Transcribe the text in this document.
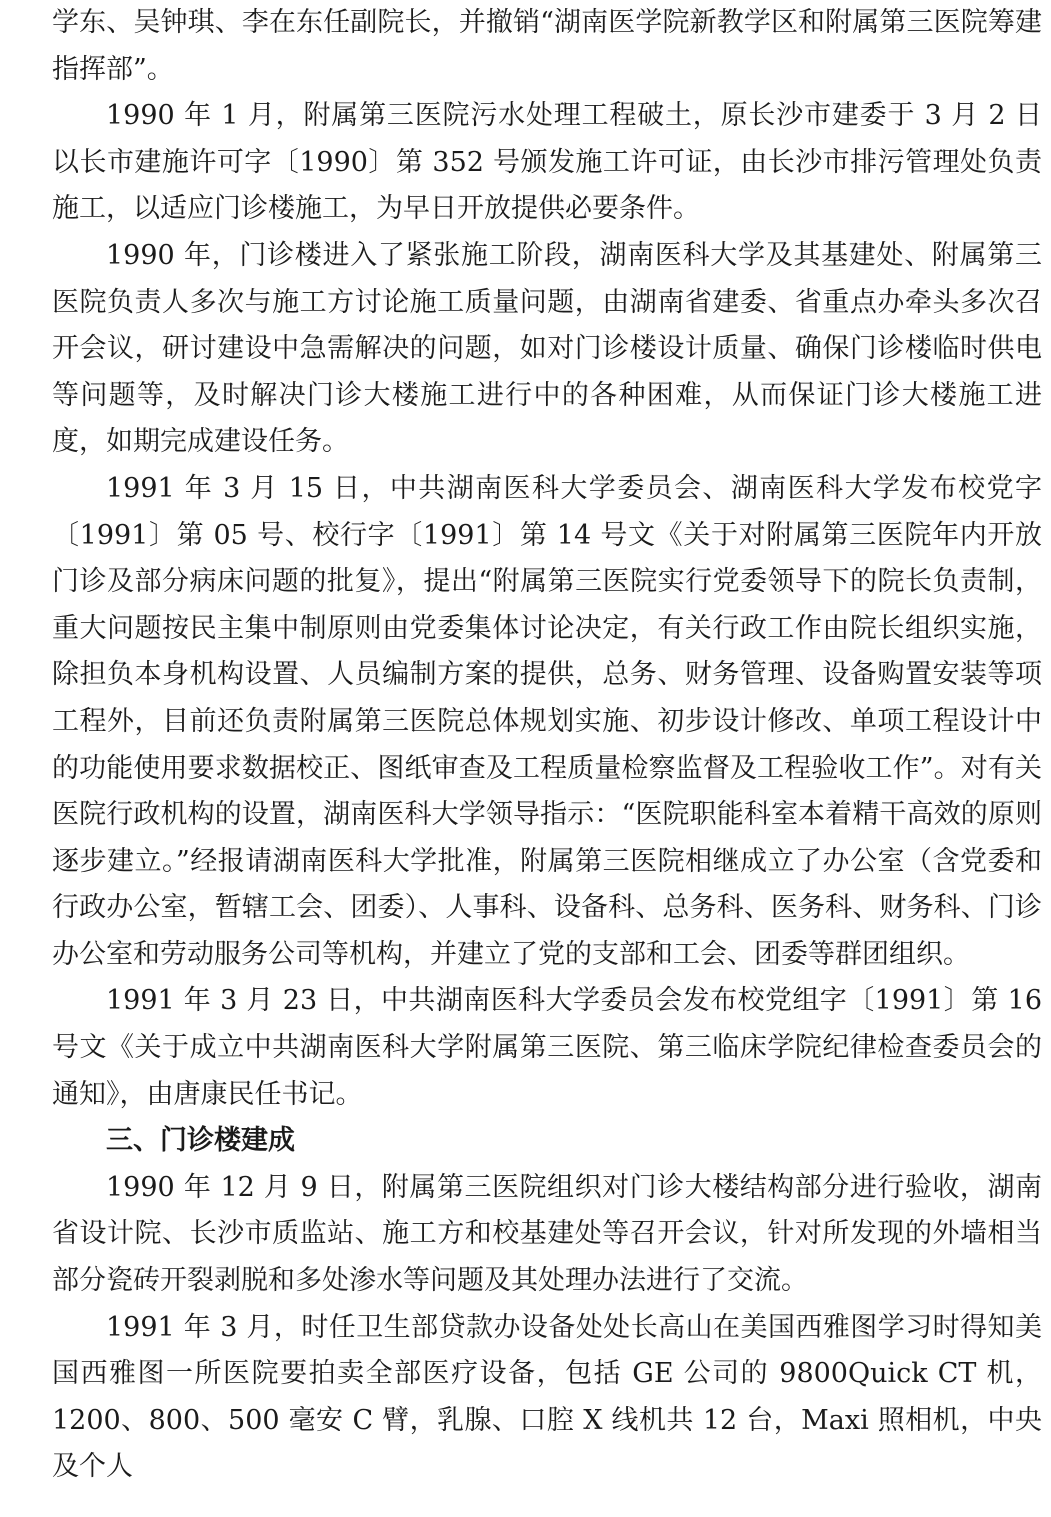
学东、吴钟琪、李在东任副院长，并撤销“湖南医学院新教学区和附属第三医院筹建指挥部”。

1990 年 1 月，附属第三医院污水处理工程破土，原长沙市建委于 3 月 2 日以长市建施许可字〔1990〕第 352 号颁发施工许可证，由长沙市排污管理处负责施工，以适应门诊楼施工，为早日开放提供必要条件。

1990 年，门诊楼进入了紧张施工阶段，湖南医科大学及其基建处、附属第三医院负责人多次与施工方讨论施工质量问题，由湖南省建委、省重点办牵头多次召开会议，研讨建设中急需解决的问题，如对门诊楼设计质量、确保门诊楼临时供电等问题等，及时解决门诊大楼施工进行中的各种困难，从而保证门诊大楼施工进度，如期完成建设任务。

1991 年 3 月 15 日，中共湖南医科大学委员会、湖南医科大学发布校党字〔1991〕第 05 号、校行字〔1991〕第 14 号文《关于对附属第三医院年内开放门诊及部分病床问题的批复》，提出“附属第三医院实行党委领导下的院长负责制，重大问题按民主集中制原则由党委集体讨论决定，有关行政工作由院长组织实施，除担负本身机构设置、人员编制方案的提供，总务、财务管理、设备购置安装等项工程外，目前还负责附属第三医院总体规划实施、初步设计修改、单项工程设计中的功能使用要求数据校正、图纸审查及工程质量检察监督及工程验收工作”。对有关医院行政机构的设置，湖南医科大学领导指示：“医院职能科室本着精干高效的原则逐步建立。”经报请湖南医科大学批准，附属第三医院相继成立了办公室（含党委和行政办公室，暂辖工会、团委）、人事科、设备科、总务科、医务科、财务科、门诊办公室和劳动服务公司等机构，并建立了党的支部和工会、团委等群团组织。

1991 年 3 月 23 日，中共湖南医科大学委员会发布校党组字〔1991〕第 16 号文《关于成立中共湖南医科大学附属第三医院、第三临床学院纪律检查委员会的通知》，由唐康民任书记。

三、门诊楼建成

1990 年 12 月 9 日，附属第三医院组织对门诊大楼结构部分进行验收，湖南省设计院、长沙市质监站、施工方和校基建处等召开会议，针对所发现的外墙相当部分瓷砖开裂剥脱和多处渗水等问题及其处理办法进行了交流。

1991 年 3 月，时任卫生部贷款办设备处处长高山在美国西雅图学习时得知美国西雅图一所医院要拍卖全部医疗设备，包括 GE 公司的 9800Quick CT 机，1200、800、500 毫安 C 臂，乳腺、口腔 X 线机共 12 台，Maxi 照相机，中央及个人
